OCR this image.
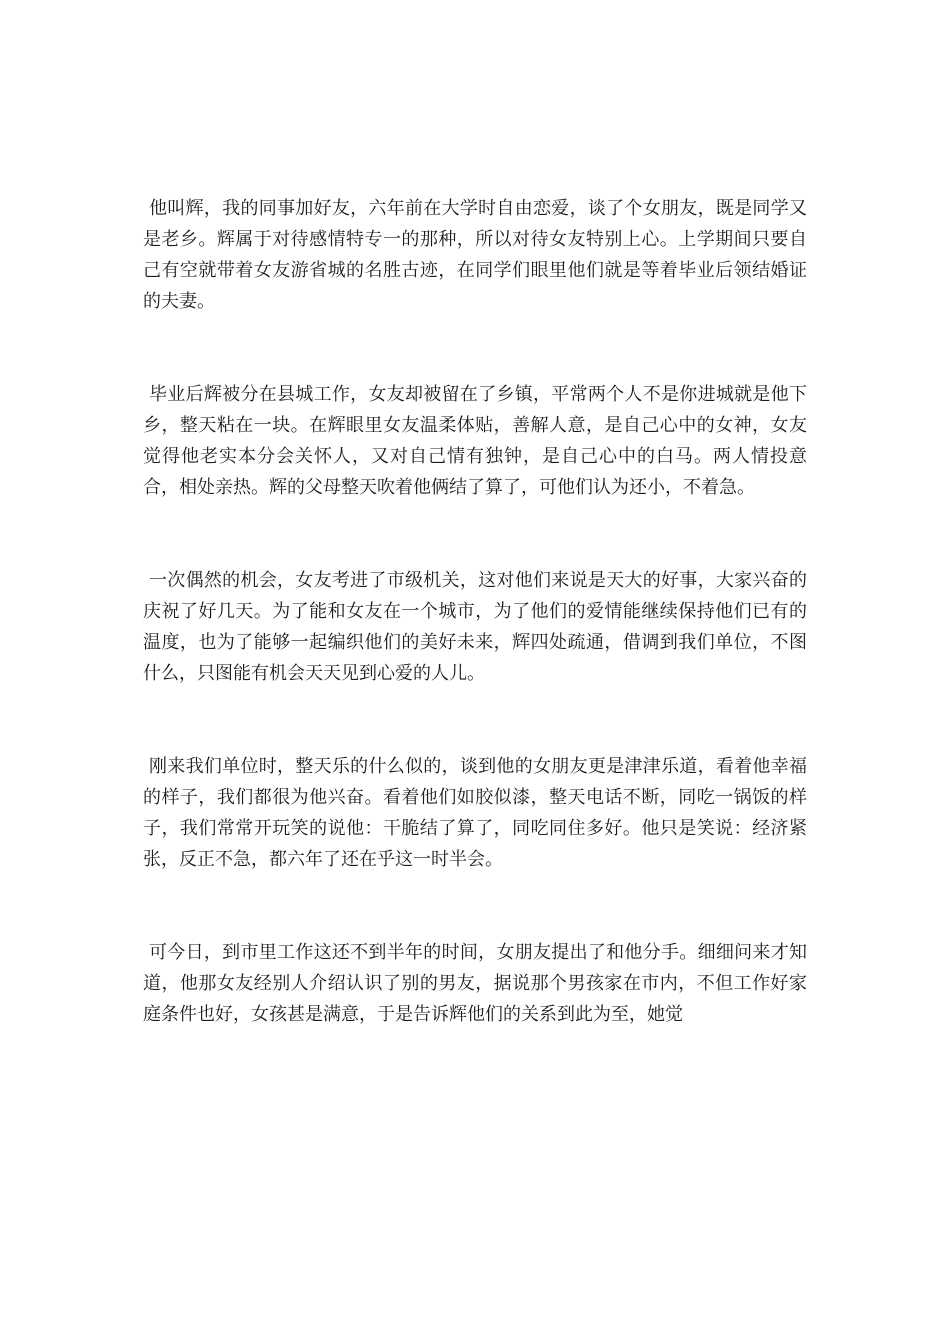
他叫辉，我的同事加好友，六年前在大学时自由恋爱，谈了个女朋友，既是同学又是老乡。辉属于对待感情特专一的那种，所以对待女友特别上心。上学期间只要自己有空就带着女友游省城的名胜古迹，在同学们眼里他们就是等着毕业后领结婚证的夫妻。

毕业后辉被分在县城工作，女友却被留在了乡镇，平常两个人不是你进城就是他下乡，整天粘在一块。在辉眼里女友温柔体贴，善解人意，是自己心中的女神，女友觉得他老实本分会关怀人，又对自己情有独钟，是自己心中的白马。两人情投意合，相处亲热。辉的父母整天吹着他俩结了算了，可他们认为还小，不着急。

一次偶然的机会，女友考进了市级机关，这对他们来说是天大的好事，大家兴奋的庆祝了好几天。为了能和女友在一个城市，为了他们的爱情能继续保持他们已有的温度，也为了能够一起编织他们的美好未来，辉四处疏通，借调到我们单位，不图什么，只图能有机会天天见到心爱的人儿。

刚来我们单位时，整天乐的什么似的，谈到他的女朋友更是津津乐道，看着他幸福的样子，我们都很为他兴奋。看着他们如胶似漆，整天电话不断，同吃一锅饭的样子，我们常常开玩笑的说他：干脆结了算了，同吃同住多好。他只是笑说：经济紧张，反正不急，都六年了还在乎这一时半会。

可今日，到市里工作这还不到半年的时间，女朋友提出了和他分手。细细问来才知道，他那女友经别人介绍认识了别的男友，据说那个男孩家在市内，不但工作好家庭条件也好，女孩甚是满意，于是告诉辉他们的关系到此为至，她觉
